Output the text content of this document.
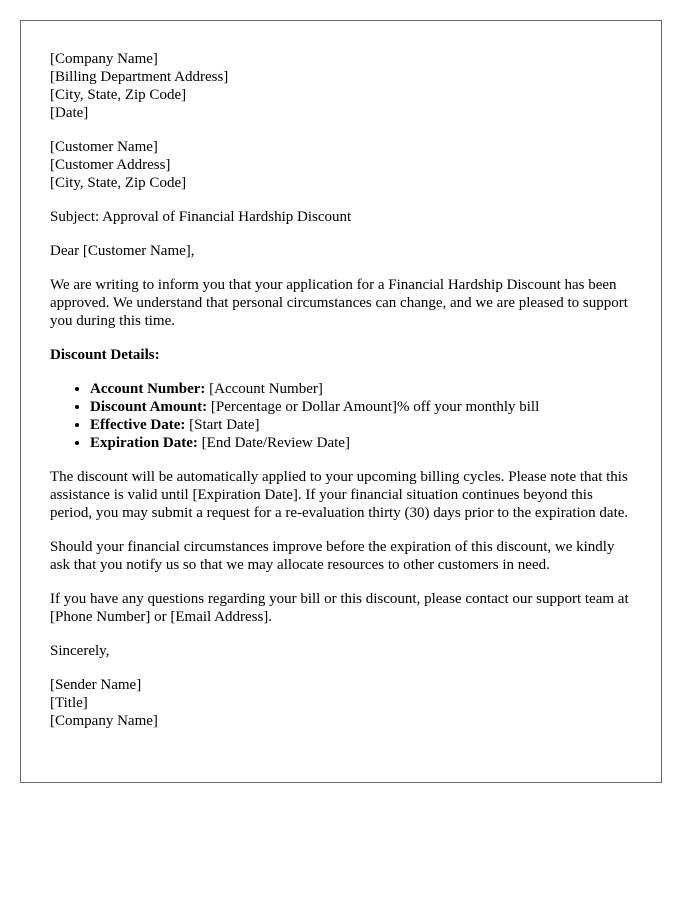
[Company Name]
[Billing Department Address]
[City, State, Zip Code]
[Date]
[Customer Name]
[Customer Address]
[City, State, Zip Code]

Subject: Approval of Financial Hardship Discount

Dear [Customer Name],

We are writing to inform you that your application for a Financial Hardship Discount has been approved. We understand that personal circumstances can change, and we are pleased to support you during this time.

Discount Details:

• Account Number: [Account Number]
• Discount Amount: [Percentage or Dollar Amount]% off your monthly bill
• Effective Date: [Start Date]
• Expiration Date: [End Date/Review Date]

The discount will be automatically applied to your upcoming billing cycles. Please note that this assistance is valid until [Expiration Date]. If your financial situation continues beyond this period, you may submit a request for a re-evaluation thirty (30) days prior to the expiration date.

Should your financial circumstances improve before the expiration of this discount, we kindly ask that you notify us so that we may allocate resources to other customers in need.

If you have any questions regarding your bill or this discount, please contact our support team at [Phone Number] or [Email Address].

Sincerely,

[Sender Name]
[Title]
[Company Name]
